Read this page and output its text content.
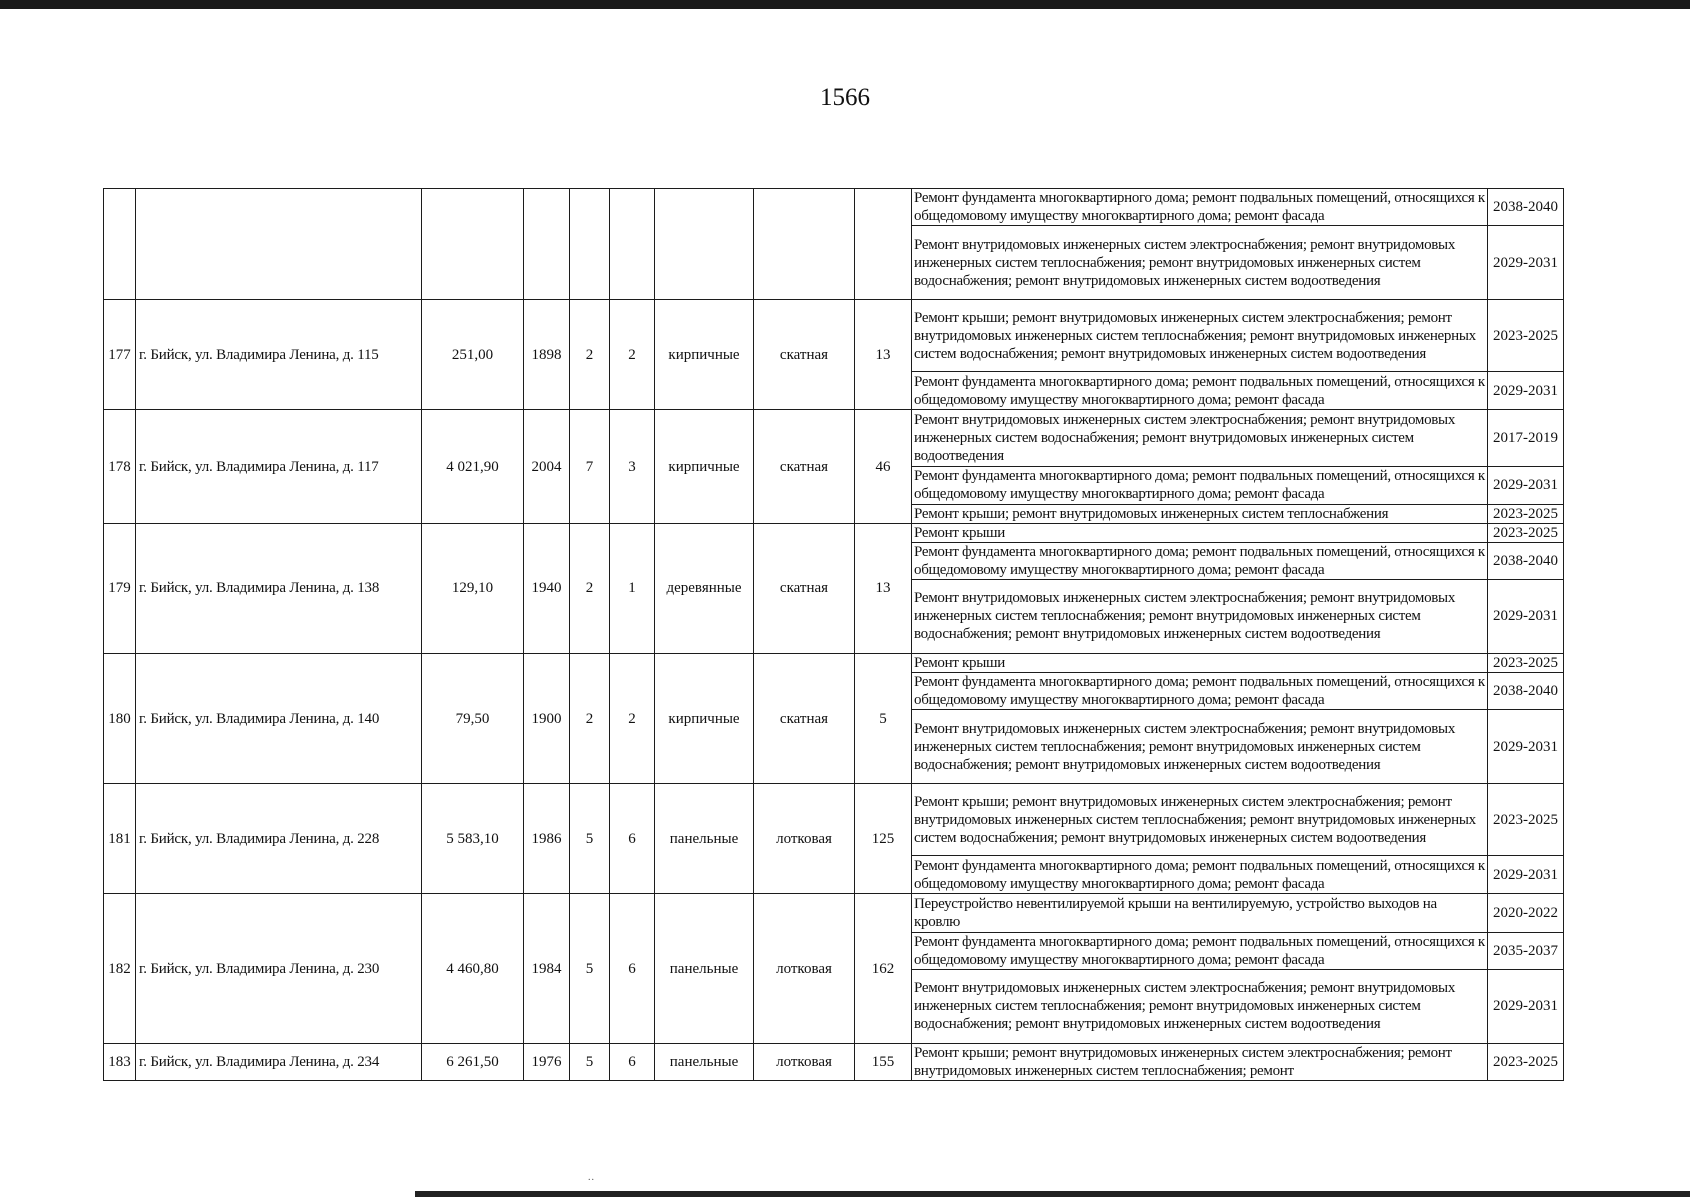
1566
									Ремонт фундамента многоквартирного дома; ремонт подвальных помещений, относящихся к общедомовому имуществу многоквартирного дома; ремонт фасада	2038-2040
									Ремонт внутридомовых инженерных систем электроснабжения; ремонт внутридомовых инженерных систем теплоснабжения; ремонт внутридомовых инженерных систем водоснабжения; ремонт внутридомовых инженерных систем водоотведения	2029-2031
177	г. Бийск, ул. Владимира Ленина, д. 115	251,00	1898	2	2	кирпичные	скатная	13	Ремонт крыши; ремонт внутридомовых инженерных систем электроснабжения; ремонт внутридомовых инженерных систем теплоснабжения; ремонт внутридомовых инженерных систем водоснабжения; ремонт внутридомовых инженерных систем водоотведения	2023-2025
									Ремонт фундамента многоквартирного дома; ремонт подвальных помещений, относящихся к общедомовому имуществу многоквартирного дома; ремонт фасада	2029-2031
178	г. Бийск, ул. Владимира Ленина, д. 117	4 021,90	2004	7	3	кирпичные	скатная	46	Ремонт внутридомовых инженерных систем электроснабжения; ремонт внутридомовых инженерных систем водоснабжения; ремонт внутридомовых инженерных систем водоотведения	2017-2019
									Ремонт фундамента многоквартирного дома; ремонт подвальных помещений, относящихся к общедомовому имуществу многоквартирного дома; ремонт фасада	2029-2031
									Ремонт крыши; ремонт внутридомовых инженерных систем теплоснабжения	2023-2025
179	г. Бийск, ул. Владимира Ленина, д. 138	129,10	1940	2	1	деревянные	скатная	13	Ремонт крыши	2023-2025
									Ремонт фундамента многоквартирного дома; ремонт подвальных помещений, относящихся к общедомовому имуществу многоквартирного дома; ремонт фасада	2038-2040
									Ремонт внутридомовых инженерных систем электроснабжения; ремонт внутридомовых инженерных систем теплоснабжения; ремонт внутридомовых инженерных систем водоснабжения; ремонт внутридомовых инженерных систем водоотведения	2029-2031
180	г. Бийск, ул. Владимира Ленина, д. 140	79,50	1900	2	2	кирпичные	скатная	5	Ремонт крыши	2023-2025
									Ремонт фундамента многоквартирного дома; ремонт подвальных помещений, относящихся к общедомовому имуществу многоквартирного дома; ремонт фасада	2038-2040
									Ремонт внутридомовых инженерных систем электроснабжения; ремонт внутридомовых инженерных систем теплоснабжения; ремонт внутридомовых инженерных систем водоснабжения; ремонт внутридомовых инженерных систем водоотведения	2029-2031
181	г. Бийск, ул. Владимира Ленина, д. 228	5 583,10	1986	5	6	панельные	лотковая	125	Ремонт крыши; ремонт внутридомовых инженерных систем электроснабжения; ремонт внутридомовых инженерных систем теплоснабжения; ремонт внутридомовых инженерных систем водоснабжения; ремонт внутридомовых инженерных систем водоотведения	2023-2025
									Ремонт фундамента многоквартирного дома; ремонт подвальных помещений, относящихся к общедомовому имуществу многоквартирного дома; ремонт фасада	2029-2031
182	г. Бийск, ул. Владимира Ленина, д. 230	4 460,80	1984	5	6	панельные	лотковая	162	Переустройство невентилируемой крыши на вентилируемую, устройство выходов на кровлю	2020-2022
									Ремонт фундамента многоквартирного дома; ремонт подвальных помещений, относящихся к общедомовому имуществу многоквартирного дома; ремонт фасада	2035-2037
									Ремонт внутридомовых инженерных систем электроснабжения; ремонт внутридомовых инженерных систем теплоснабжения; ремонт внутридомовых инженерных систем водоснабжения; ремонт внутридомовых инженерных систем водоотведения	2029-2031
183	г. Бийск, ул. Владимира Ленина, д. 234	6 261,50	1976	5	6	панельные	лотковая	155	Ремонт крыши; ремонт внутридомовых инженерных систем электроснабжения; ремонт внутридомовых инженерных систем теплоснабжения; ремонт	2023-2025
..
